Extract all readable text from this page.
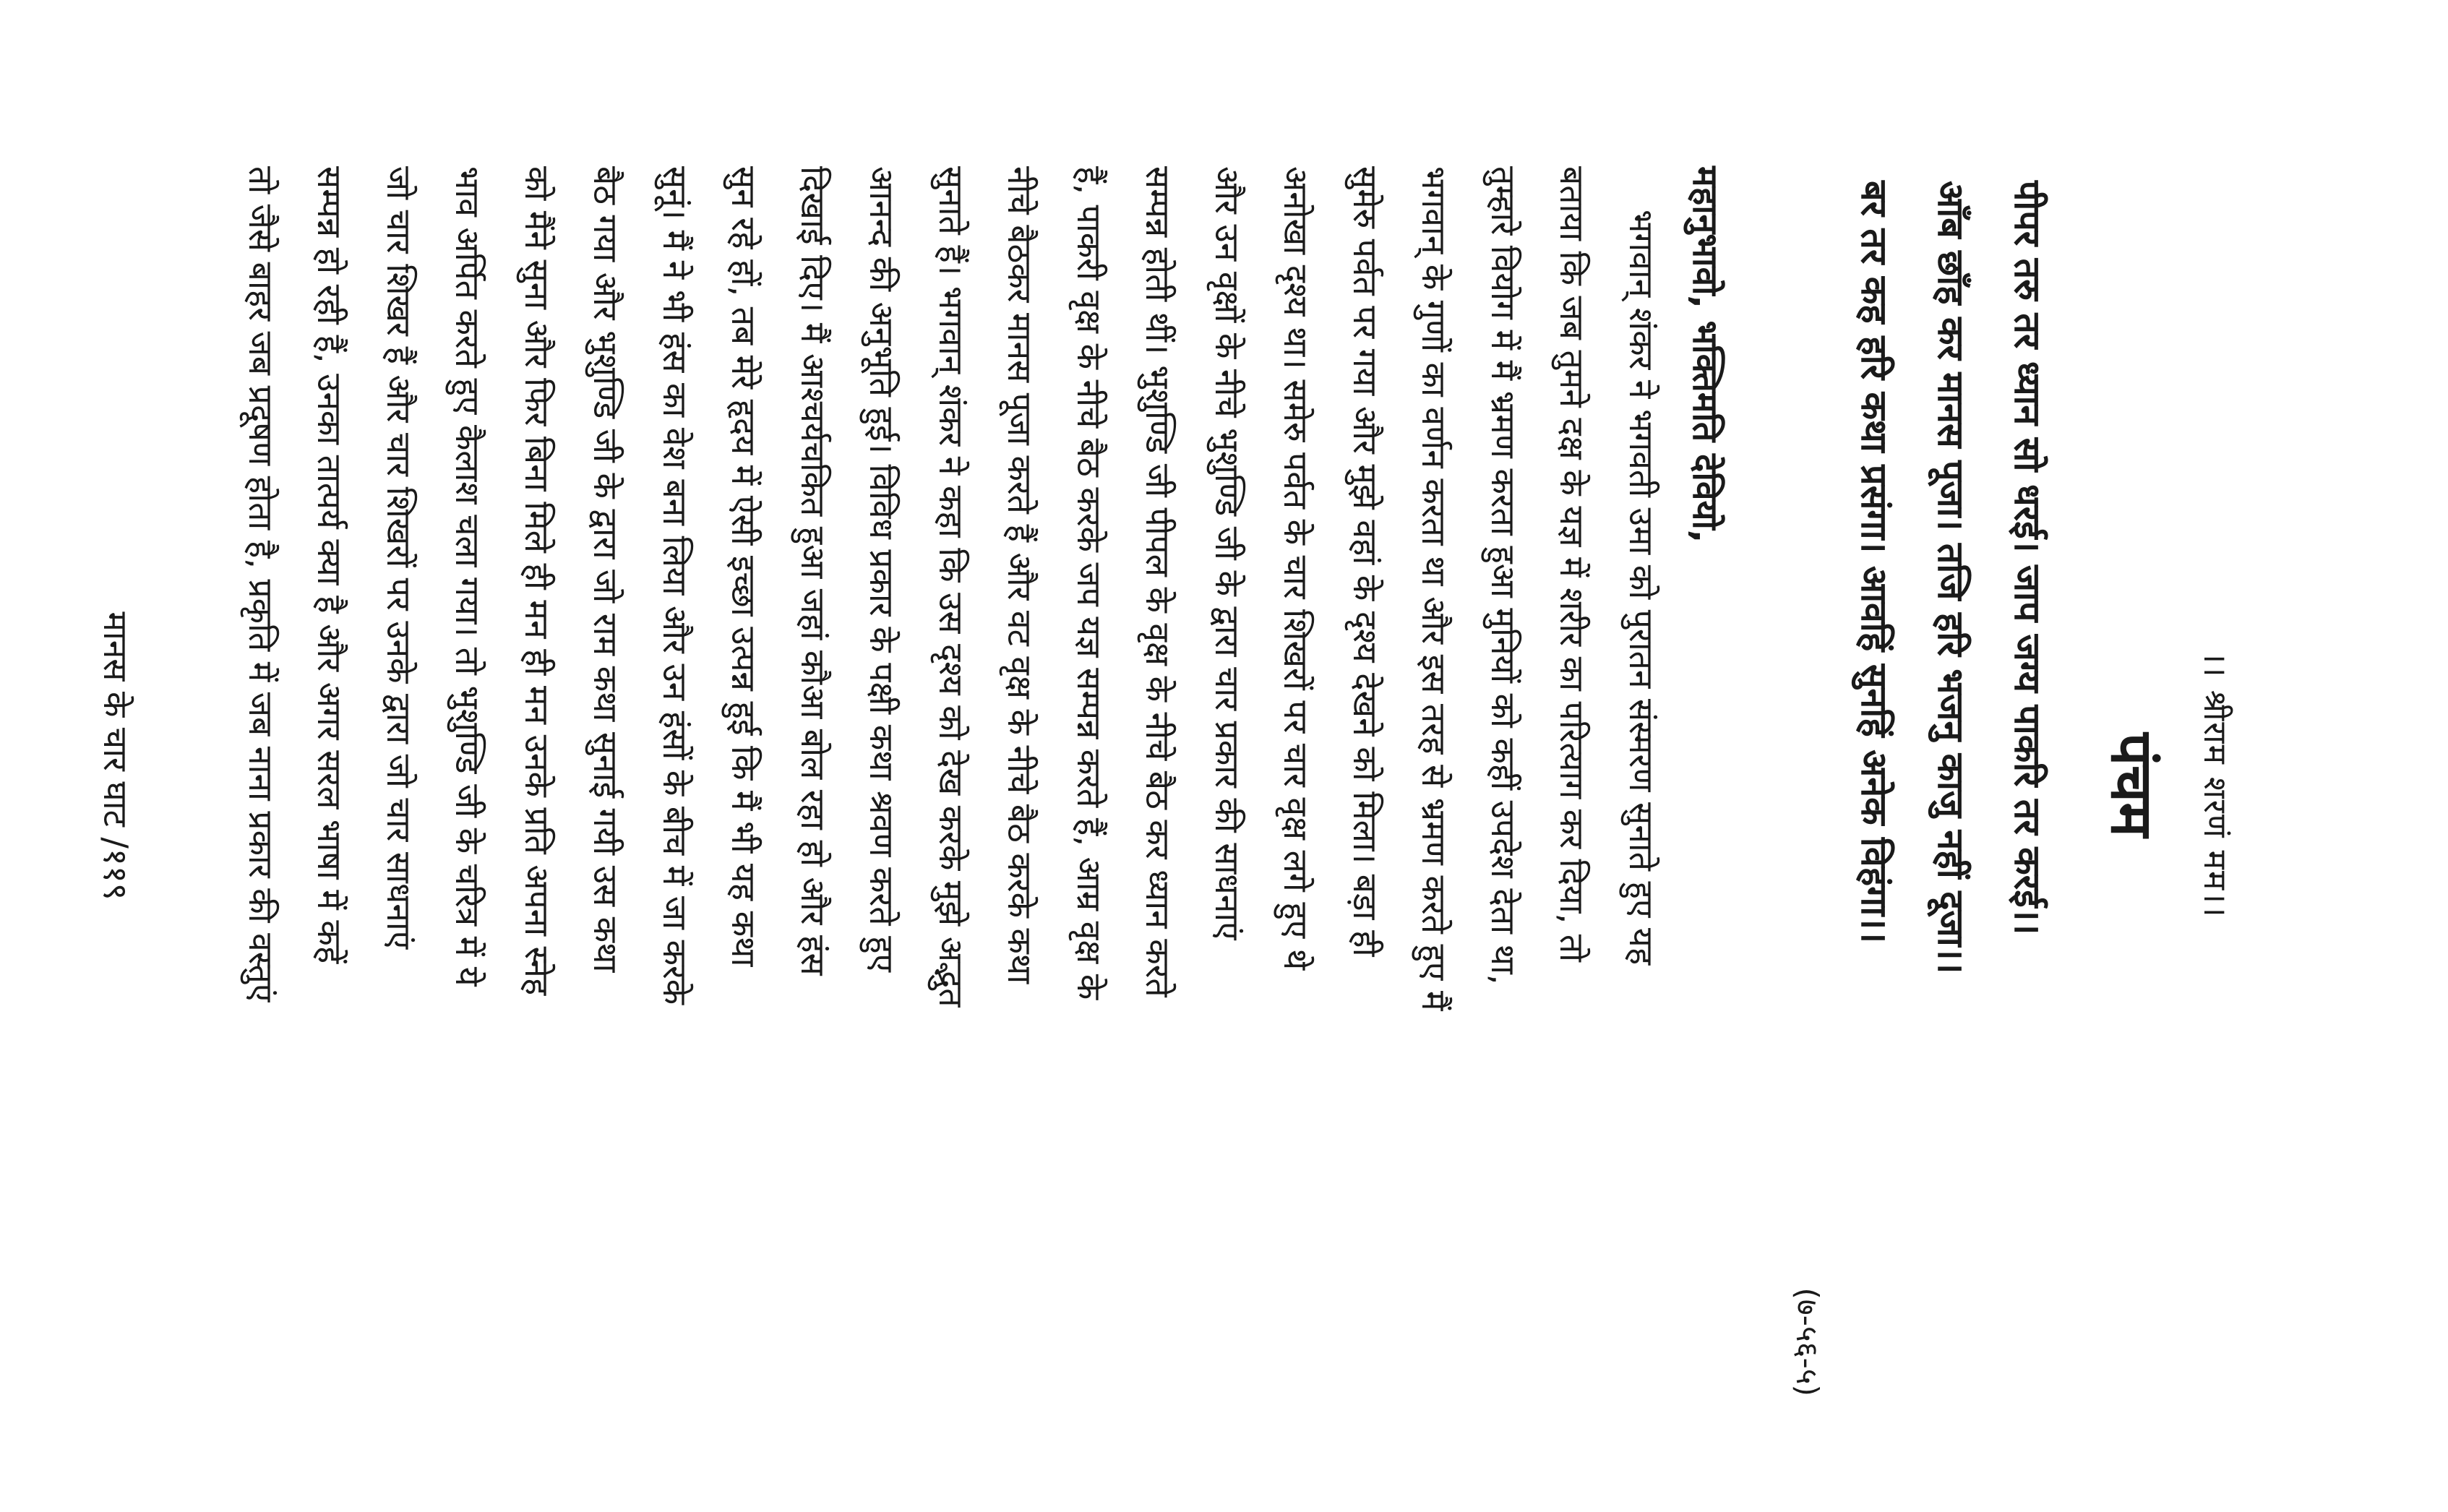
।। श्रीराम शरणं मम।।
पंचम
पीपर तरु तर ध्यान सो धरई। जाप जग्य पाकरि तर करई।।
आँब छाँह कर मानस पूजा। तजि हरि भजनु काजु नहीं दूजा।।
बर तर कह हरि कथा प्रसंगा। आवहिं सुनहिं अनेक विहंगा।।
(७-५६-५)
महानुभावो, भक्तिमति देवियो,
भगवान् शंकर ने भगवती उमा को पुरातन संस्मरण सुनाते हुए यह
बताया कि जब तुमने दक्ष के यज्ञ में शरीर का परित्याग कर दिया, तो
तुम्हारे वियोग में मैं भ्रमण करता हुआ मुनियों को कहीं उपदेश देता था,
भगवान् के गुणों का वर्णन करता था और इस तरह से भ्रमण करते हुए मैं
सुमेरु पर्वत पर गया और मुझे वहां के दृश्य देखने को मिला। बड़ा ही
अनोखा दृश्य था। समेरु पर्वत के चार शिखरों पर चार वृक्ष लगे हुए थे
और उन वृक्षों के नीचे भुशुण्डि जी के द्वारा चार प्रकार की साधनाएं
सम्पन्न होती थीं। भुशुण्डि जी पीपल के वृक्ष के नीचे बैठ कर ध्यान करते
हैं, पाकरी वृक्ष के नीचे बैठ करके जप यज्ञ सम्पन्न करते हैं, आम्र वृक्ष के
नीचे बैठकर मानस पूजा करते हैं और वट वृक्ष के नीचे बैठ करके कथा
सुनाते हैं। भगवान् शंकर ने कहा कि उस दृश्य को देख करके मुझे अद्भुत
आनन्द की अनुभूति हुई। विविध प्रकार के पक्षी कथा श्रवण करते हुए
दिखाई दिए। मैं आश्चर्यचकित हुआ जहां कौआ बोल रहा हो और हंस
सुन रहे हों, तब मेरे हृदय में ऐसी इच्छा उत्पन्न हुई कि मैं भी यह कथा
सुनूं। मैं ने भी हंस का वेश बना लिया और उन हंसों के बीच में जा करके
बैठ गया और भुशुण्डि जी के द्वारा जो राम कथा सुनाई गयी उस कथा
को मैंने सुना और फिर बिना मिले ही मन ही मन उनके प्रति अपना स्नेह
भाव अर्पित करते हुए कैलाश चला गया। तो भुशुण्डि जी के चरित्र में ये
जो चार शिखर हैं और चार शिखरों पर उनके द्वारा जो चार साधनाएं
सम्पन्न हो रही हैं, उनका तात्पर्य क्या है और अगर सरल भाषा में कहें
तो जैसे बाहर जब प्रदूषण होता है, प्रकृति में जब नाना प्रकार की वस्तुएं
मानस के चार घाट /११९
